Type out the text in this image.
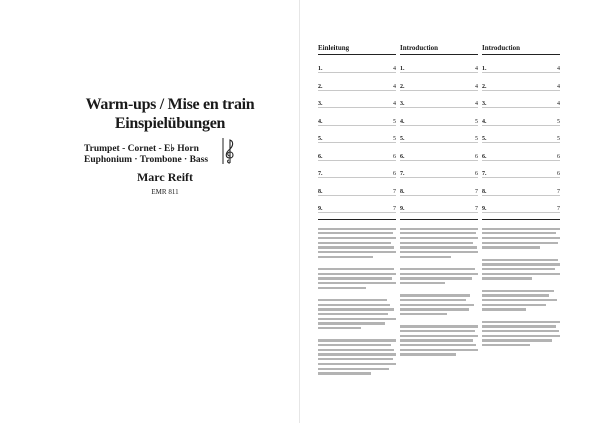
Warm-ups / Mise en train
Einspielübungen
Trumpet - Cornet - E♭ Horn
Euphonium · Trombone · Bass
Marc Reift
EMR 811
Einleitung
1.	4
2.	4
3.	4
4.	5
5.	5
6.	6
7.	6
8.	7
9.	7
Introduction
1.	4
2.	4
3.	4
4.	5
5.	5
6.	6
7.	6
8.	7
9.	7
Introduction
1.	4
2.	4
3.	4
4.	5
5.	5
6.	6
7.	6
8.	7
9.	7
